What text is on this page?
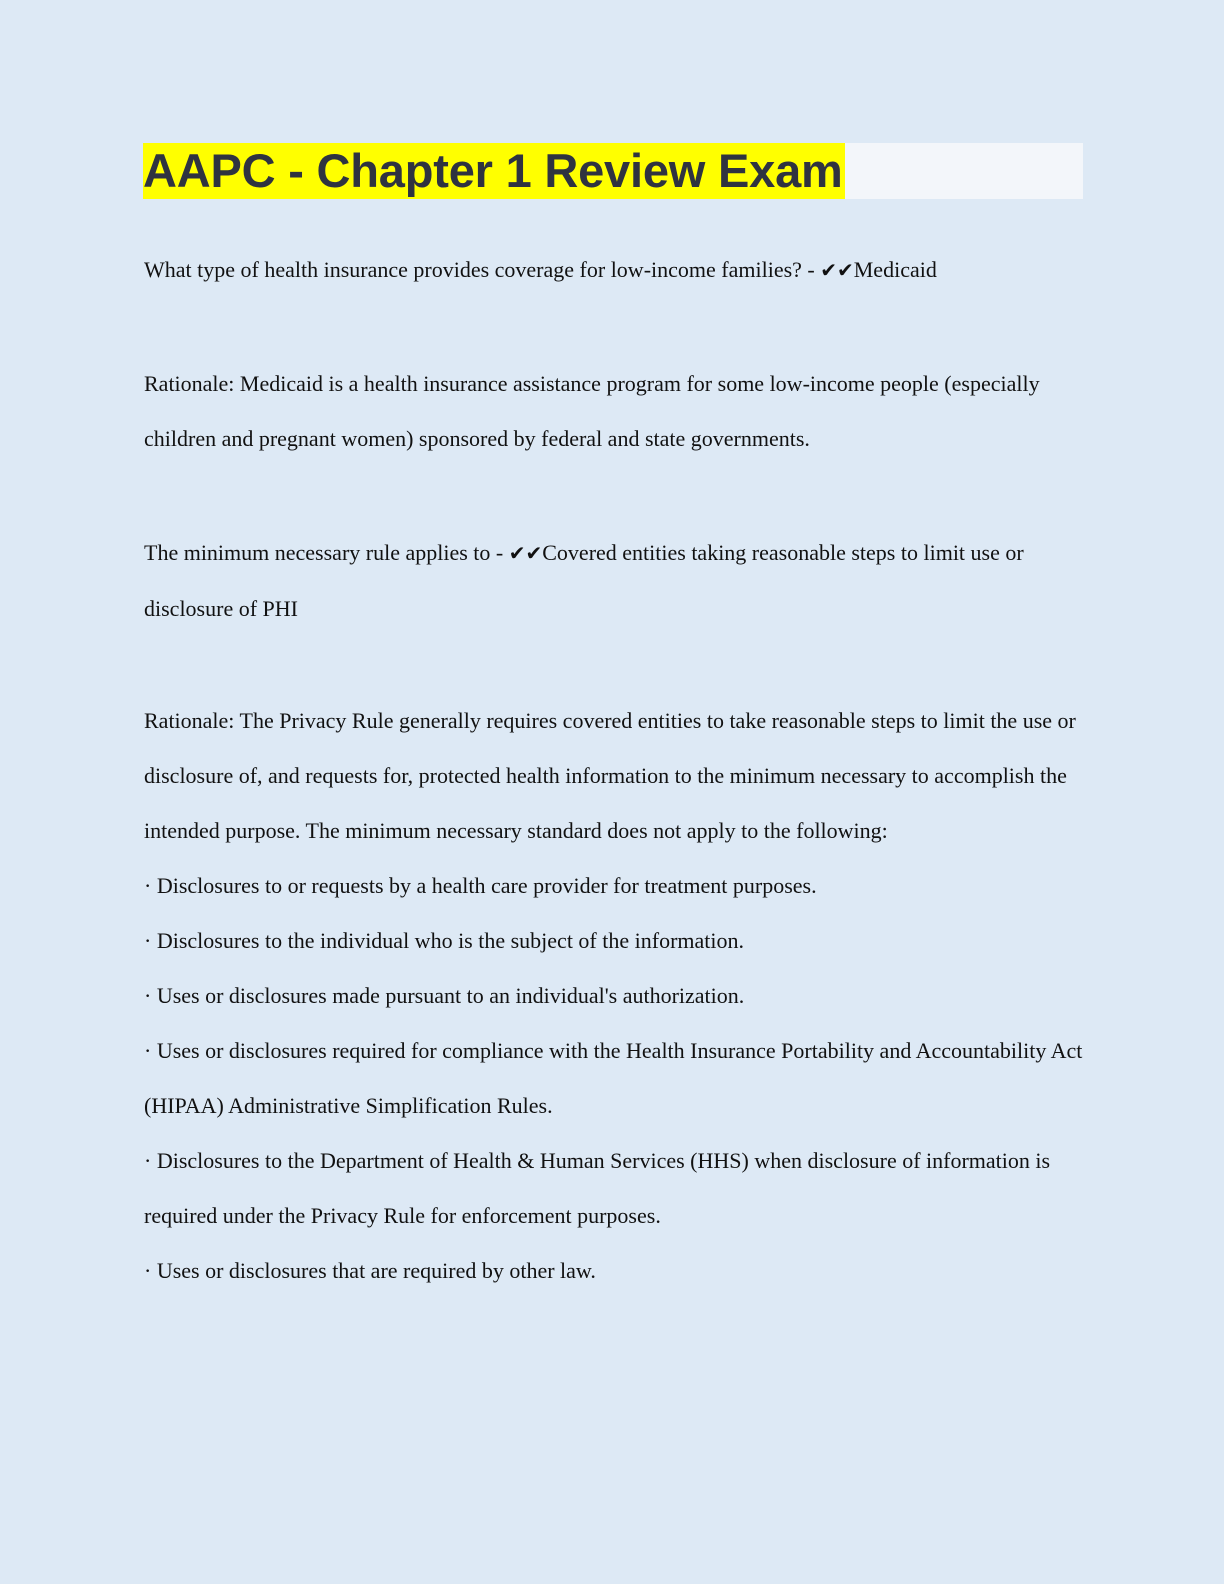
AAPC - Chapter 1 Review Exam
What type of health insurance provides coverage for low-income families? - ✔✔Medicaid
Rationale: Medicaid is a health insurance assistance program for some low-income people (especially children and pregnant women) sponsored by federal and state governments.
The minimum necessary rule applies to - ✔✔Covered entities taking reasonable steps to limit use or disclosure of PHI
Rationale: The Privacy Rule generally requires covered entities to take reasonable steps to limit the use or disclosure of, and requests for, protected health information to the minimum necessary to accomplish the intended purpose. The minimum necessary standard does not apply to the following:
· Disclosures to or requests by a health care provider for treatment purposes.
· Disclosures to the individual who is the subject of the information.
· Uses or disclosures made pursuant to an individual's authorization.
· Uses or disclosures required for compliance with the Health Insurance Portability and Accountability Act (HIPAA) Administrative Simplification Rules.
· Disclosures to the Department of Health & Human Services (HHS) when disclosure of information is required under the Privacy Rule for enforcement purposes.
· Uses or disclosures that are required by other law.
